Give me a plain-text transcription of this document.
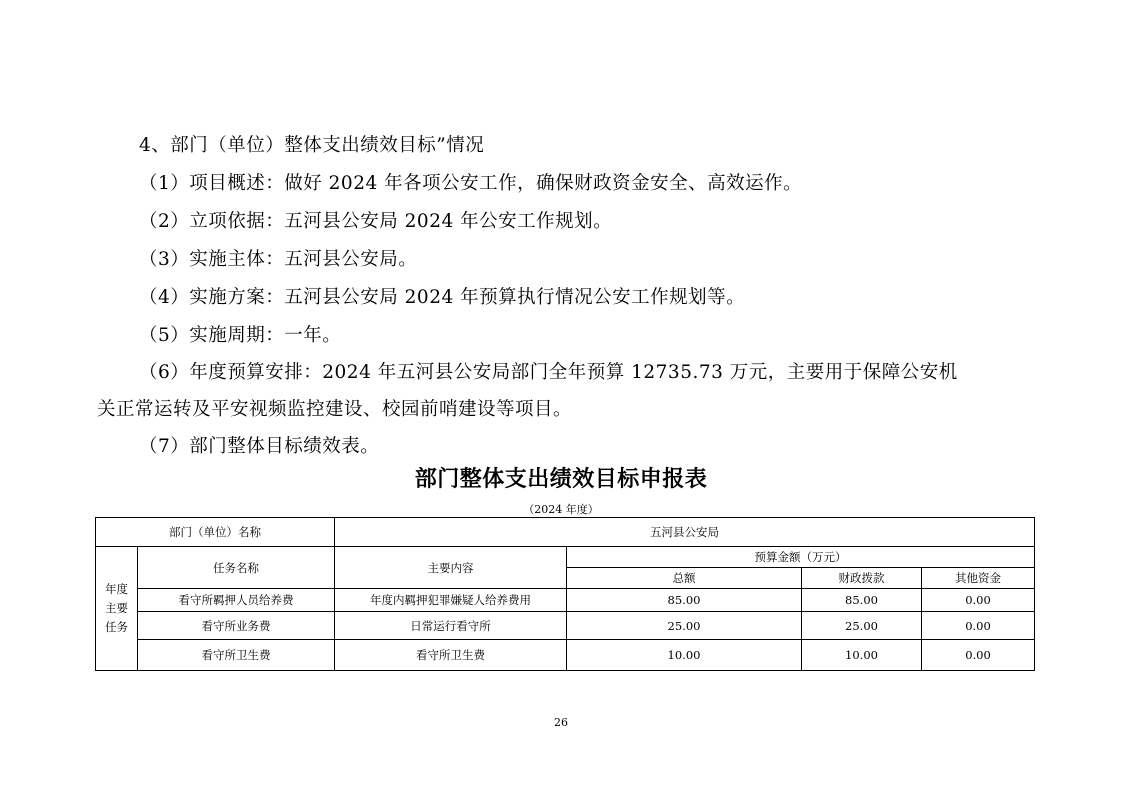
4、部门（单位）整体支出绩效目标”情况
（1）项目概述：做好 2024 年各项公安工作，确保财政资金安全、高效运作。
（2）立项依据：五河县公安局 2024 年公安工作规划。
（3）实施主体：五河县公安局。
（4）实施方案：五河县公安局 2024 年预算执行情况公安工作规划等。
（5）实施周期：一年。
（6）年度预算安排：2024 年五河县公安局部门全年预算 12735.73 万元，主要用于保障公安机
关正常运转及平安视频监控建设、校园前哨建设等项目。
（7）部门整体目标绩效表。
部门整体支出绩效目标申报表
（2024 年度）
部门（单位）名称		五河县公安局			
年度主要任务	任务名称	主要内容	预算金额（万元）		
			总额	财政拨款	其他资金
	看守所羁押人员给养费	年度内羁押犯罪嫌疑人给养费用	85.00	85.00	0.00
	看守所业务费	日常运行看守所	25.00	25.00	0.00
	看守所卫生费	看守所卫生费	10.00	10.00	0.00
26
